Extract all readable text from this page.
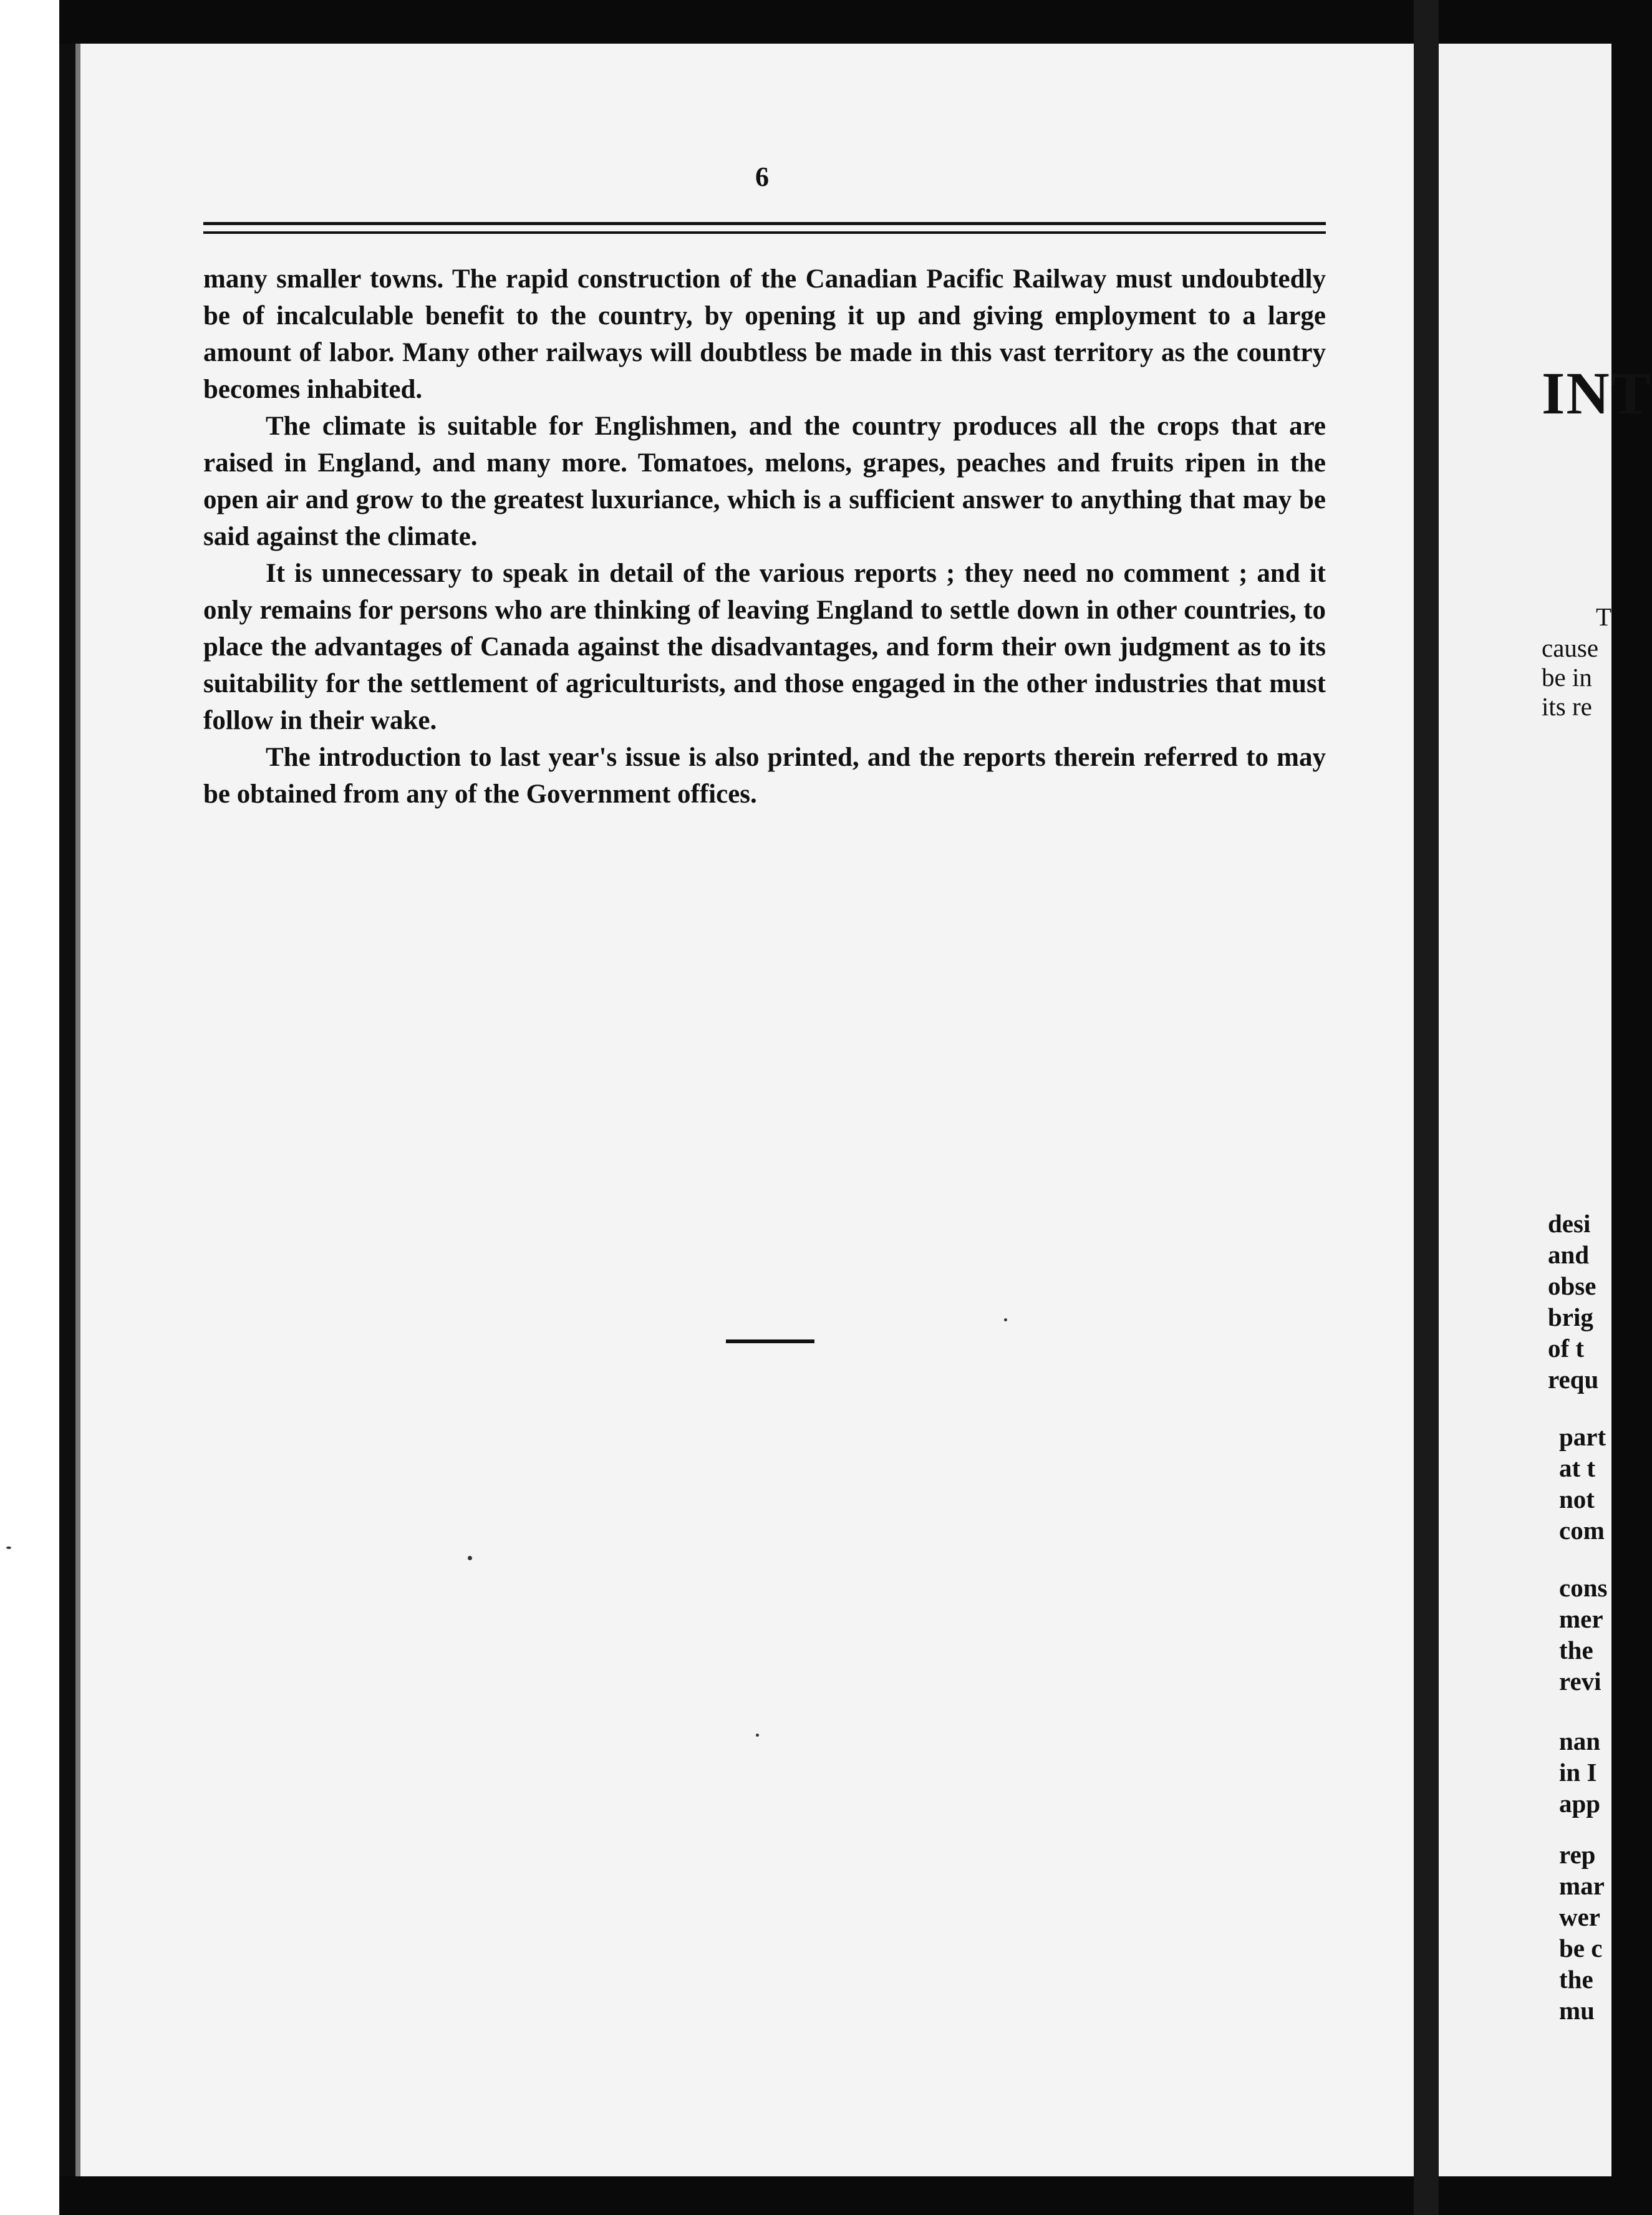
6

many smaller towns. The rapid construction of the Canadian Pacific Railway must undoubtedly be of incalculable benefit to the country, by opening it up and giving employment to a large amount of labor. Many other railways will doubtless be made in this vast territory as the country becomes inhabited.

The climate is suitable for Englishmen, and the country produces all the crops that are raised in England, and many more. Tomatoes, melons, grapes, peaches and fruits ripen in the open air and grow to the greatest luxuriance, which is a sufficient answer to anything that may be said against the climate.

It is unnecessary to speak in detail of the various reports ; they need no comment ; and it only remains for persons who are thinking of leaving England to settle down in other countries, to place the advantages of Canada against the disadvantages, and form their own judgment as to its suitability for the settlement of agriculturists, and those engaged in the other industries that must follow in their wake.

The introduction to last year's issue is also printed, and the reports therein referred to may be obtained from any of the Government offices.

INT
T
cause
be in
its re
desi
and
obse
brig
of t
requ
part
at t
not
com
cons
mer
the
revi
nan
in I
app
rep
mar
wer
be c
the
mu
